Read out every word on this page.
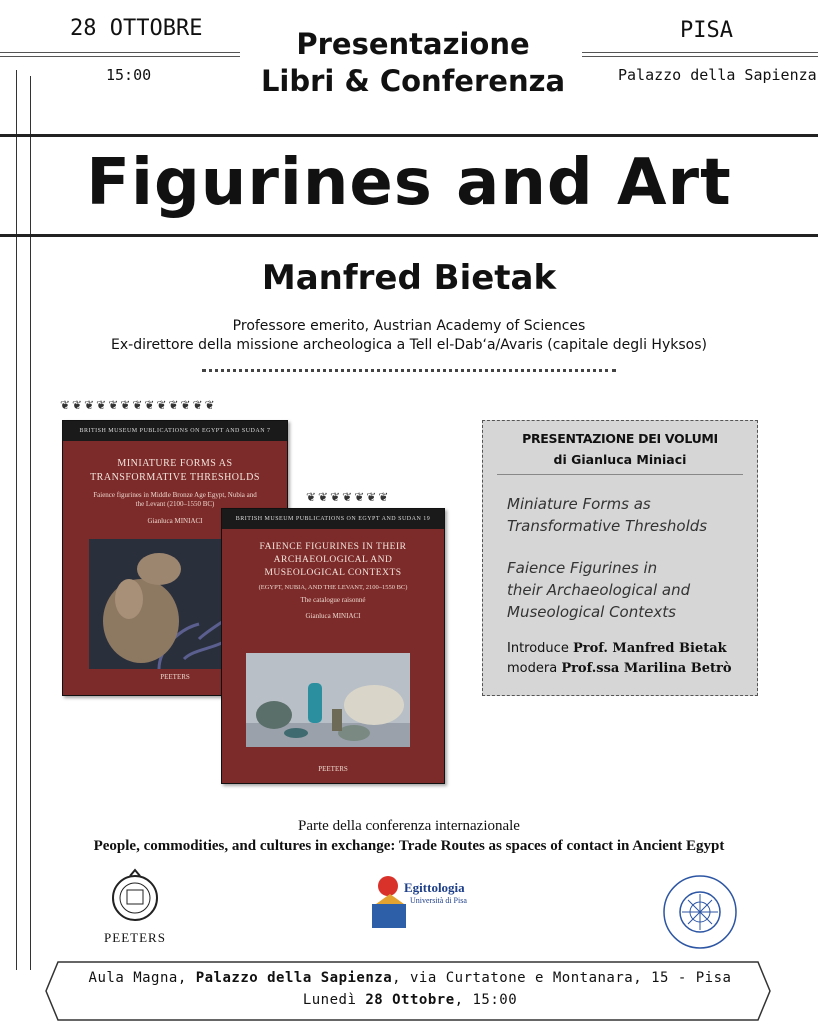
28 OTTOBRE
15:00
Presentazione
Libri & Conferenza
PISA
Palazzo della Sapienza
Figurines and Art
Manfred Bietak
Professore emerito, Austrian Academy of Sciences
Ex-direttore della missione archeologica a Tell el-Dab‘a/Avaris (capitale degli Hyksos)
❦❦❦❦❦❦❦❦❦❦❦❦❦
❦❦❦❦❦❦❦
BRITISH MUSEUM PUBLICATIONS ON EGYPT AND SUDAN 7
MINIATURE FORMS AS TRANSFORMATIVE THRESHOLDS
Faience figurines in Middle Bronze Age Egypt, Nubia and the Levant (2100–1550 BC)
Gianluca MINIACI
PEETERS
BRITISH MUSEUM PUBLICATIONS ON EGYPT AND SUDAN 19
FAIENCE FIGURINES IN THEIR ARCHAEOLOGICAL AND MUSEOLOGICAL CONTEXTS
(EGYPT, NUBIA, AND THE LEVANT, 2100–1550 BC)
The catalogue raisonné
Gianluca MINIACI
PEETERS
PRESENTAZIONE DEI VOLUMI
di Gianluca Miniaci
Miniature Forms as
Transformative Thresholds
Faience Figurines in
their Archaeological and
Museological Contexts
Introduce Prof. Manfred Bietak
modera Prof.ssa Marilina Betrò
Parte della conferenza internazionale
People, commodities, and cultures in exchange: Trade Routes as spaces of contact in Ancient Egypt
PEETERS
Egittologia
Università di Pisa
Aula Magna, Palazzo della Sapienza, via Curtatone e Montanara, 15 - Pisa
Lunedì 28 Ottobre, 15:00
